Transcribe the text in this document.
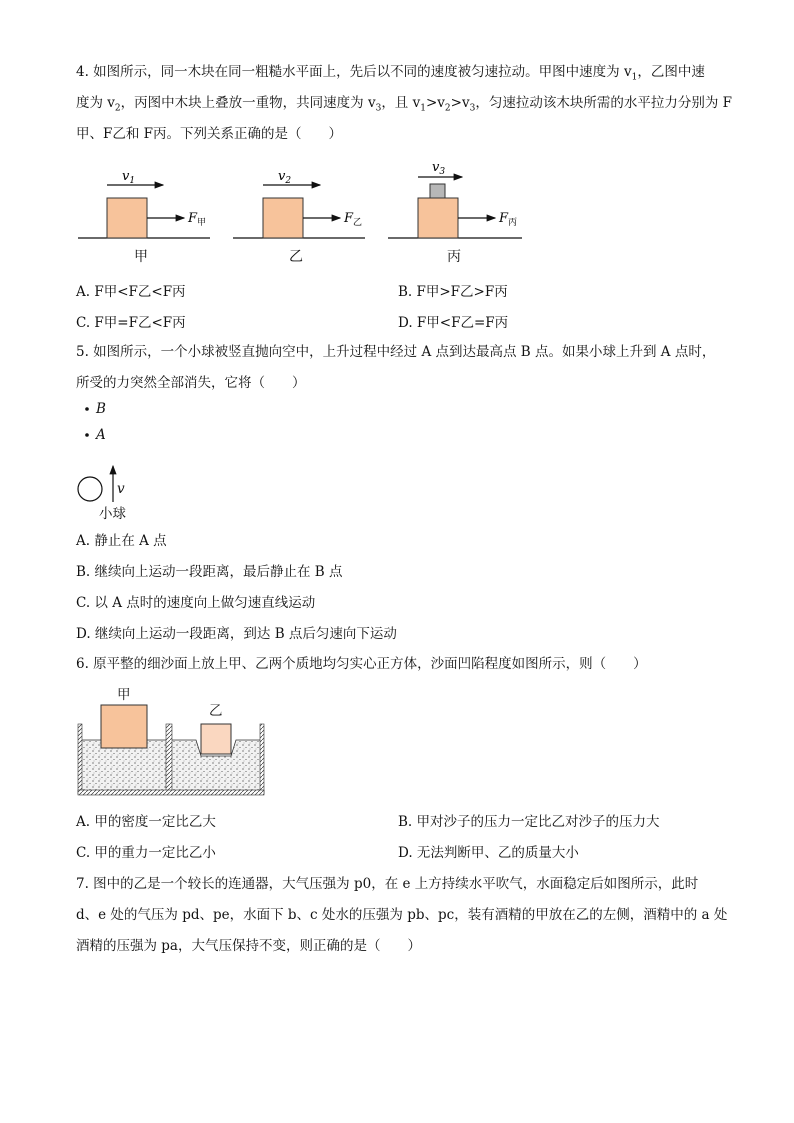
4. 如图所示，同一木块在同一粗糙水平面上，先后以不同的速度被匀速拉动。甲图中速度为 $v_1$，乙图中速
度为 $v_2$，丙图中木块上叠放一重物，共同速度为 $v_3$，且 $v_1>v_2>v_3$，匀速拉动该木块所需的水平拉力分别为 F
甲、F乙和 F丙。下列关系正确的是（　　）
$v_1$
$F_甲$
$v_2$
$F_乙$
$v_3$
$F_丙$
甲	乙	丙
A. F甲<F乙<F丙	B. F甲>F乙>F丙
C. F甲=F乙<F丙	D. F甲<F乙=F丙
5. 如图所示，一个小球被竖直抛向空中，上升过程中经过 A 点到达最高点 B 点。如果小球上升到 A 点时，
所受的力突然全部消失，它将（　　）
B
A
v
小球
A. 静止在 A 点
B. 继续向上运动一段距离，最后静止在 B 点
C. 以 A 点时的速度向上做匀速直线运动
D. 继续向上运动一段距离，到达 B 点后匀速向下运动
6. 原平整的细沙面上放上甲、乙两个质地均匀实心正方体，沙面凹陷程度如图所示，则（　　）
甲
乙
A. 甲的密度一定比乙大	B. 甲对沙子的压力一定比乙对沙子的压力大
C. 甲的重力一定比乙小	D. 无法判断甲、乙的质量大小
7. 图中的乙是一个较长的连通器，大气压强为 p0，在 e 上方持续水平吹气，水面稳定后如图所示，此时
d、e 处的气压为 pd、pe，水面下 b、c 处水的压强为 pb、pc，装有酒精的甲放在乙的左侧，酒精中的 a 处
酒精的压强为 pa，大气压保持不变，则正确的是（　　）
